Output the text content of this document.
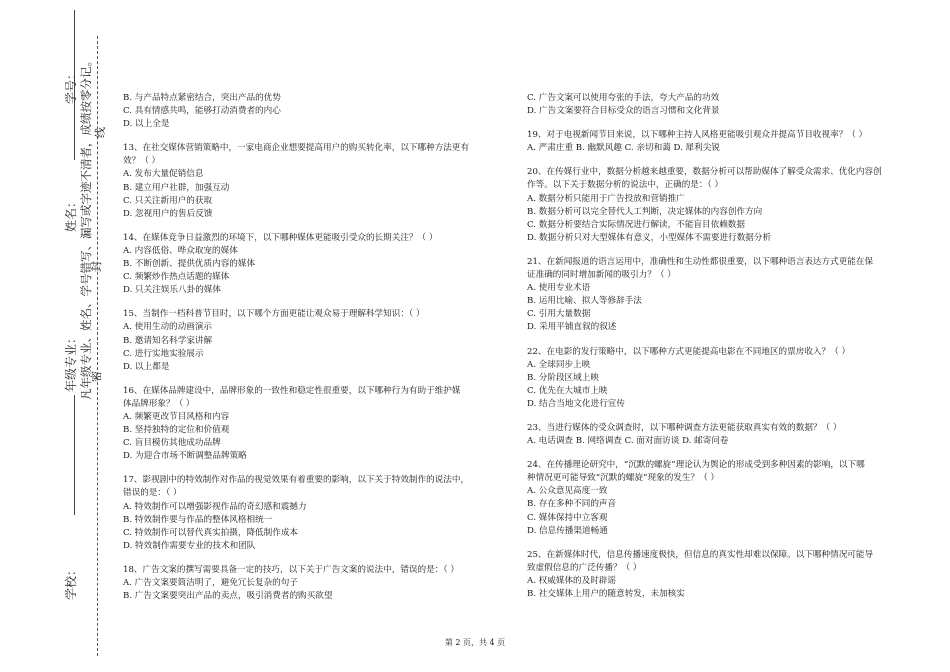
学校：
年级专业：
姓名：
学号： 凡年级专业、姓名、学号错写、漏写或字迹不清者，成绩按零分记。
密
封
线
B. 与产品特点紧密结合，突出产品的优势
C. 具有情感共鸣，能够打动消费者的内心
D. 以上全是
13、在社交媒体营销策略中，一家电商企业想要提高用户的购买转化率，以下哪种方法更有
效？（ ）
A. 发布大量促销信息
B. 建立用户社群，加强互动
C. 只关注新用户的获取
D. 忽视用户的售后反馈
14、在媒体竞争日益激烈的环境下，以下哪种媒体更能吸引受众的长期关注？（ ）
A. 内容低俗、哗众取宠的媒体
B. 不断创新、提供优质内容的媒体
C. 频繁炒作热点话题的媒体
D. 只关注娱乐八卦的媒体
15、当制作一档科普节目时，以下哪个方面更能让观众易于理解科学知识：（ ）
A. 使用生动的动画演示
B. 邀请知名科学家讲解
C. 进行实地实验展示
D. 以上都是
16、在媒体品牌建设中，品牌形象的一致性和稳定性很重要，以下哪种行为有助于维护媒
体品牌形象？（ ）
A. 频繁更改节目风格和内容
B. 坚持独特的定位和价值观
C. 盲目模仿其他成功品牌
D. 为迎合市场不断调整品牌策略
17、影视剧中的特效制作对作品的视觉效果有着重要的影响，以下关于特效制作的说法中，
错误的是：（ ）
A. 特效制作可以增强影视作品的奇幻感和震撼力
B. 特效制作要与作品的整体风格相统一
C. 特效制作可以替代真实拍摄，降低制作成本
D. 特效制作需要专业的技术和团队
18、广告文案的撰写需要具备一定的技巧，以下关于广告文案的说法中，错误的是：（ ）
A. 广告文案要简洁明了，避免冗长复杂的句子
B. 广告文案要突出产品的卖点，吸引消费者的购买欲望
C. 广告文案可以使用夸张的手法，夸大产品的功效
D. 广告文案要符合目标受众的语言习惯和文化背景
19、对于电视新闻节目来说，以下哪种主持人风格更能吸引观众并提高节目收视率？（ ）
A. 严肃庄重 B. 幽默风趣 C. 亲切和蔼 D. 犀利尖锐
20、在传媒行业中，数据分析越来越重要，数据分析可以帮助媒体了解受众需求、优化内容创
作等。以下关于数据分析的说法中，正确的是：（ ）
A. 数据分析只能用于广告投放和营销推广
B. 数据分析可以完全替代人工判断，决定媒体的内容创作方向
C. 数据分析要结合实际情况进行解读，不能盲目依赖数据
D. 数据分析只对大型媒体有意义，小型媒体不需要进行数据分析
21、在新闻报道的语言运用中，准确性和生动性都很重要，以下哪种语言表达方式更能在保
证准确的同时增加新闻的吸引力？（ ）
A. 使用专业术语
B. 运用比喻、拟人等修辞手法
C. 引用大量数据
D. 采用平铺直叙的叙述
22、在电影的发行策略中，以下哪种方式更能提高电影在不同地区的票房收入？（ ）
A. 全球同步上映
B. 分阶段区域上映
C. 优先在大城市上映
D. 结合当地文化进行宣传
23、当进行媒体的受众调查时，以下哪种调查方法更能获取真实有效的数据？（ ）
A. 电话调查 B. 网络调查 C. 面对面访谈 D. 邮寄问卷
24、在传播理论研究中，“沉默的螺旋”理论认为舆论的形成受到多种因素的影响，以下哪
种情况更可能导致“沉默的螺旋”现象的发生？（ ）
A. 公众意见高度一致
B. 存在多种不同的声音
C. 媒体保持中立客观
D. 信息传播渠道畅通
25、在新媒体时代，信息传播速度极快，但信息的真实性却难以保障。以下哪种情况可能导
致虚假信息的广泛传播？（ ）
A. 权威媒体的及时辟谣
B. 社交媒体上用户的随意转发，未加核实
第 2 页，共 4 页
